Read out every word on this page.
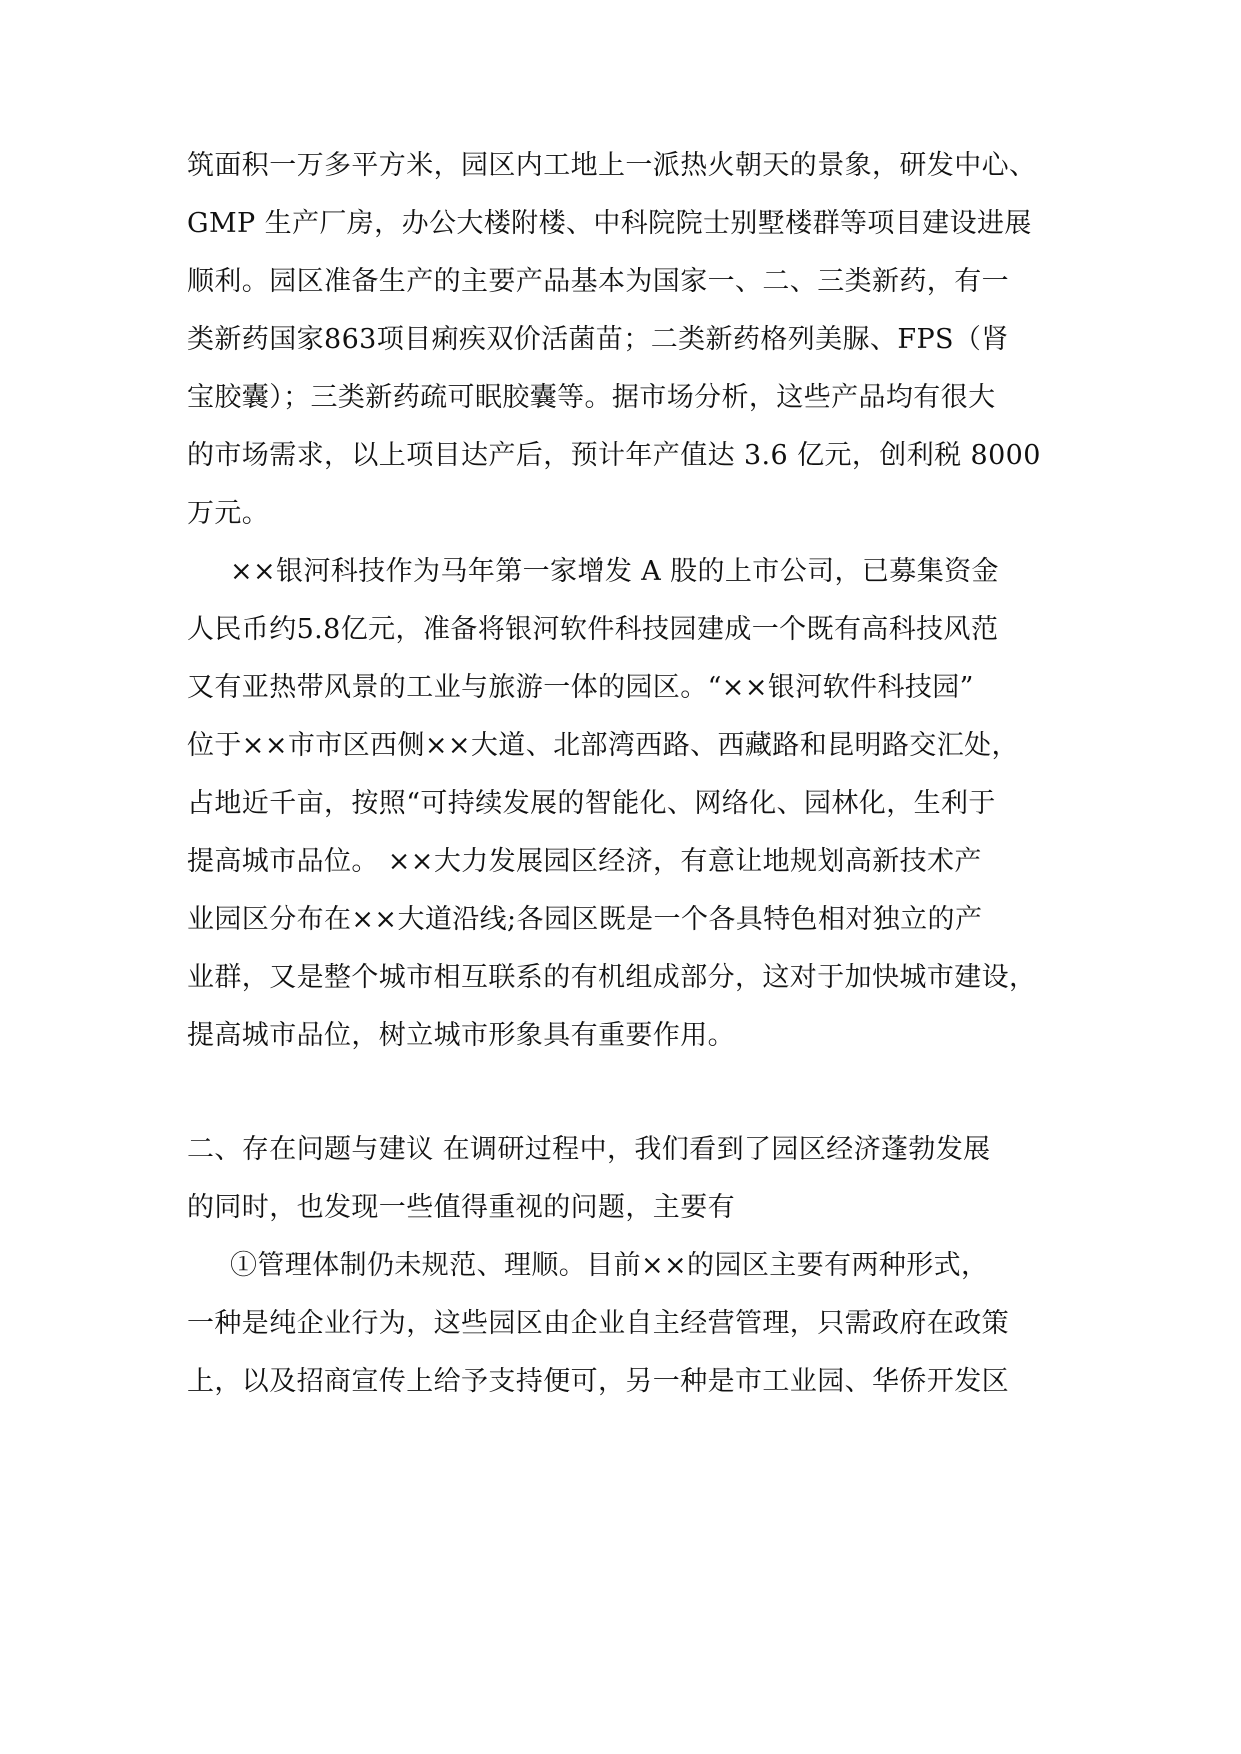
筑面积一万多平方米，园区内工地上一派热火朝天的景象，研发中心、
GMP 生产厂房，办公大楼附楼、中科院院士别墅楼群等项目建设进展
顺利。园区准备生产的主要产品基本为国家一、二、三类新药，有一
类新药国家863项目痢疾双价活菌苗；二类新药格列美脲、FPS（肾
宝胶囊）；三类新药疏可眠胶囊等。据市场分析，这些产品均有很大
的市场需求，以上项目达产后，预计年产值达 3.6 亿元，创利税 8000
万元。
××银河科技作为马年第一家增发 A 股的上市公司，已募集资金
人民币约5.8亿元，准备将银河软件科技园建成一个既有高科技风范
又有亚热带风景的工业与旅游一体的园区。“××银河软件科技园”
位于××市市区西侧××大道、北部湾西路、西藏路和昆明路交汇处，
占地近千亩，按照“可持续发展的智能化、网络化、园林化，生利于
提高城市品位。 ××大力发展园区经济，有意让地规划高新技术产
业园区分布在××大道沿线;各园区既是一个各具特色相对独立的产
业群，又是整个城市相互联系的有机组成部分，这对于加快城市建设，
提高城市品位，树立城市形象具有重要作用。
二、存在问题与建议 在调研过程中，我们看到了园区经济蓬勃发展
的同时，也发现一些值得重视的问题，主要有
①管理体制仍未规范、理顺。目前××的园区主要有两种形式，
一种是纯企业行为，这些园区由企业自主经营管理，只需政府在政策
上，以及招商宣传上给予支持便可，另一种是市工业园、华侨开发区
